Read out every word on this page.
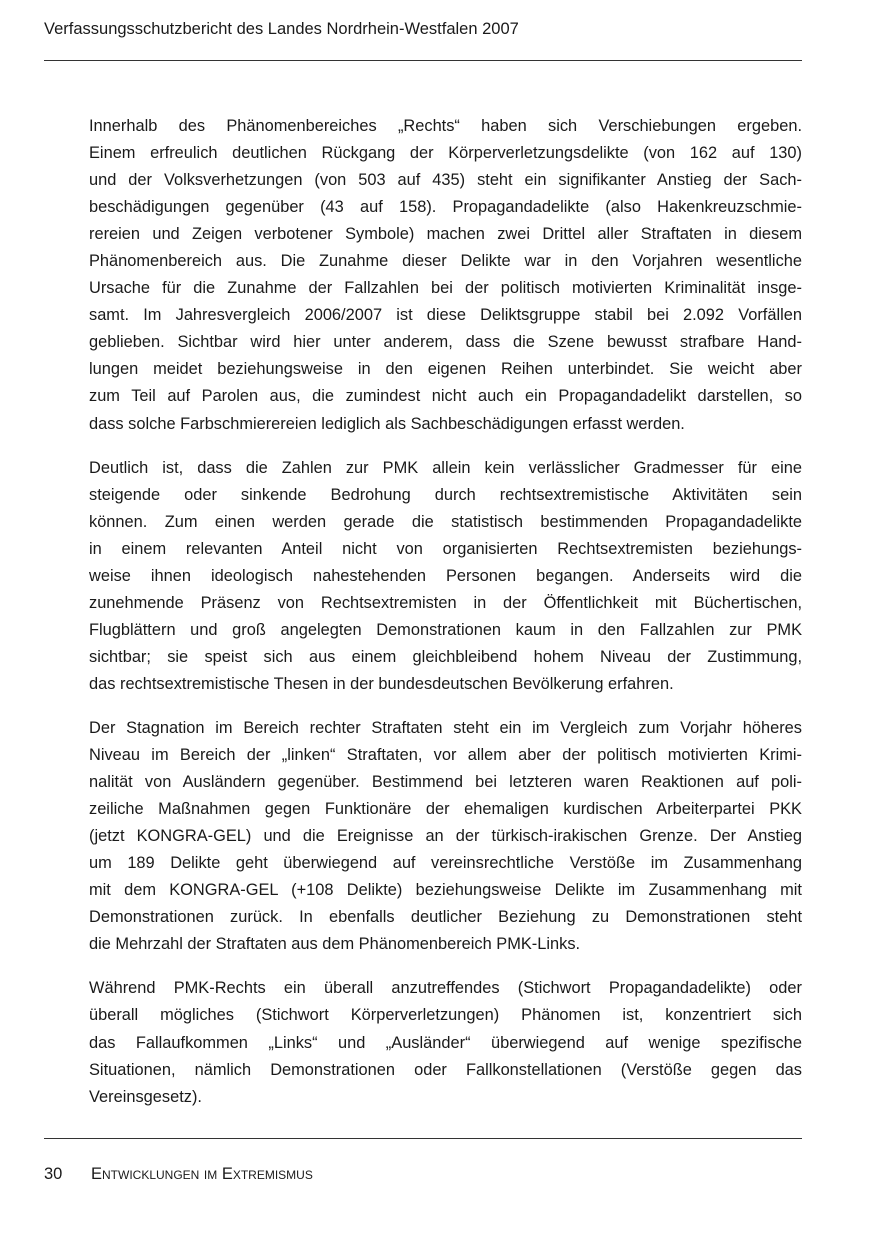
Verfassungsschutzbericht des Landes Nordrhein-Westfalen 2007

Innerhalb des Phänomenbereiches „Rechts“ haben sich Verschiebungen ergeben.
Einem erfreulich deutlichen Rückgang der Körperverletzungsdelikte (von 162 auf 130)
und der Volksverhetzungen (von 503 auf 435) steht ein signifikanter Anstieg der Sach-
beschädigungen gegenüber (43 auf 158). Propagandadelikte (also Hakenkreuzschmie-
rereien und Zeigen verbotener Symbole) machen zwei Drittel aller Straftaten in diesem
Phänomenbereich aus. Die Zunahme dieser Delikte war in den Vorjahren wesentliche
Ursache für die Zunahme der Fallzahlen bei der politisch motivierten Kriminalität insge-
samt. Im Jahresvergleich 2006/2007 ist diese Deliktsgruppe stabil bei 2.092 Vorfällen
geblieben. Sichtbar wird hier unter anderem, dass die Szene bewusst strafbare Hand-
lungen meidet beziehungsweise in den eigenen Reihen unterbindet. Sie weicht aber
zum Teil auf Parolen aus, die zumindest nicht auch ein Propagandadelikt darstellen, so
dass solche Farbschmierereien lediglich als Sachbeschädigungen erfasst werden.

Deutlich ist, dass die Zahlen zur PMK allein kein verlässlicher Gradmesser für eine
steigende oder sinkende Bedrohung durch rechtsextremistische Aktivitäten sein
können. Zum einen werden gerade die statistisch bestimmenden Propagandadelikte
in einem relevanten Anteil nicht von organisierten Rechtsextremisten beziehungs-
weise ihnen ideologisch nahestehenden Personen begangen. Anderseits wird die
zunehmende Präsenz von Rechtsextremisten in der Öffentlichkeit mit Büchertischen,
Flugblättern und groß angelegten Demonstrationen kaum in den Fallzahlen zur PMK
sichtbar; sie speist sich aus einem gleichbleibend hohem Niveau der Zustimmung,
das rechtsextremistische Thesen in der bundesdeutschen Bevölkerung erfahren.

Der Stagnation im Bereich rechter Straftaten steht ein im Vergleich zum Vorjahr höheres
Niveau im Bereich der „linken“ Straftaten, vor allem aber der politisch motivierten Krimi-
nalität von Ausländern gegenüber. Bestimmend bei letzteren waren Reaktionen auf poli-
zeiliche Maßnahmen gegen Funktionäre der ehemaligen kurdischen Arbeiterpartei PKK
(jetzt KONGRA-GEL) und die Ereignisse an der türkisch-irakischen Grenze. Der Anstieg
um 189 Delikte geht überwiegend auf vereinsrechtliche Verstöße im Zusammenhang
mit dem KONGRA-GEL (+108 Delikte) beziehungsweise Delikte im Zusammenhang mit
Demonstrationen zurück. In ebenfalls deutlicher Beziehung zu Demonstrationen steht
die Mehrzahl der Straftaten aus dem Phänomenbereich PMK-Links.

Während PMK-Rechts ein überall anzutreffendes (Stichwort Propagandadelikte) oder
überall mögliches (Stichwort Körperverletzungen) Phänomen ist, konzentriert sich
das Fallaufkommen „Links“ und „Ausländer“ überwiegend auf wenige spezifische
Situationen, nämlich Demonstrationen oder Fallkonstellationen (Verstöße gegen das
Vereinsgesetz).

30 Entwicklungen im Extremismus
